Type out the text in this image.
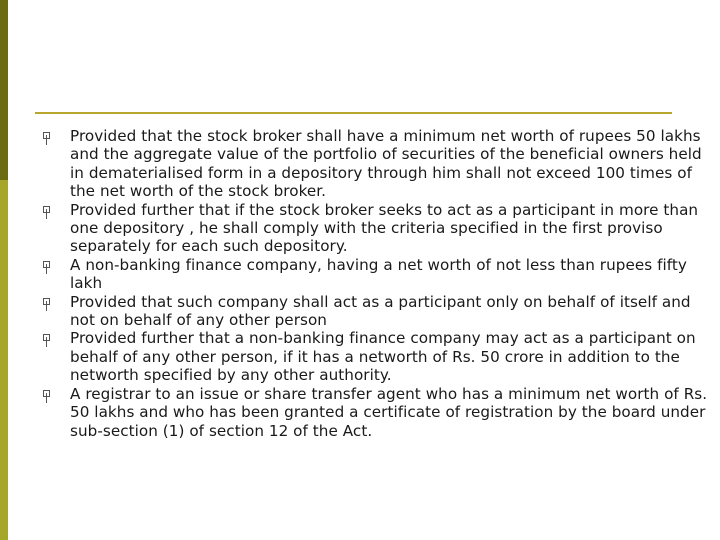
Provided that the stock broker shall have a minimum net worth of rupees 50 lakhs and the aggregate value of the portfolio of securities of the beneficial owners held in dematerialised form in a depository through him shall not exceed 100 times of the net worth of the stock broker.
Provided further that if the stock broker seeks to act as a participant in more than one depository , he shall comply with the criteria specified in the first proviso separately for each such depository.
A non-banking finance company, having a net worth of not less than rupees fifty lakh
Provided that such company shall act as a participant only on behalf of itself and not on behalf of any other person
Provided further that a non-banking finance company may act as a participant on behalf of any other person, if it has a networth of Rs. 50 crore in addition to the networth specified by any other authority.
A registrar to an issue or share transfer agent who has a minimum net worth of Rs. 50 lakhs and who has been granted a certificate of registration by the board under sub-section (1) of section 12 of the Act.
